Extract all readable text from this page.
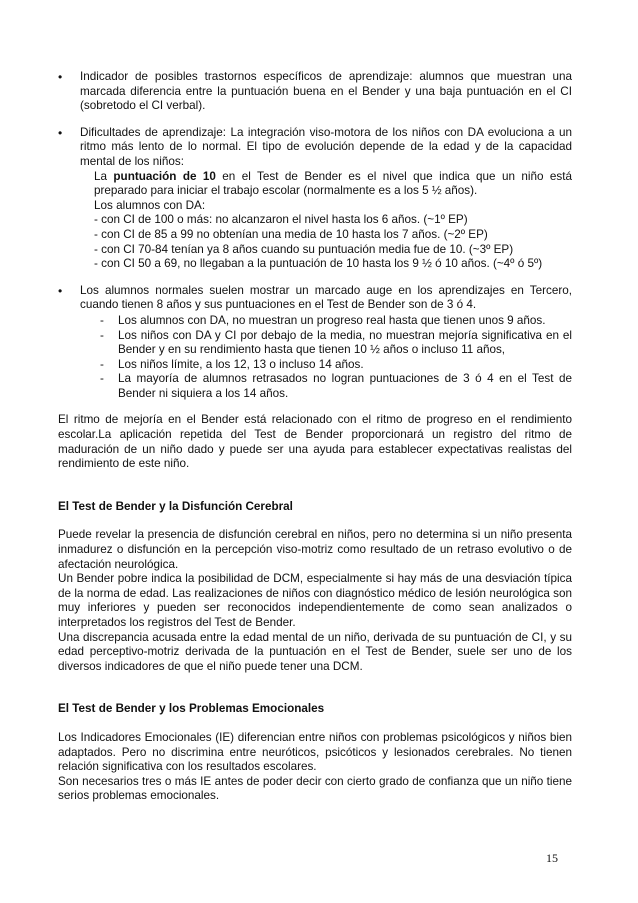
• Indicador de posibles trastornos específicos de aprendizaje: alumnos que muestran una marcada diferencia entre la puntuación buena en el Bender y una baja puntuación en el CI (sobretodo el CI verbal).

• Dificultades de aprendizaje: La integración viso-motora de los niños con DA evoluciona a un ritmo más lento de lo normal. El tipo de evolución depende de la edad y de la capacidad mental de los niños:

La puntuación de 10 en el Test de Bender es el nivel que indica que un niño está preparado para iniciar el trabajo escolar (normalmente es a los 5 ½ años).

Los alumnos con DA:

- con CI de 100 o más: no alcanzaron el nivel hasta los 6 años. (~1º EP)

- con CI de 85 a 99 no obtenían una media de 10 hasta los 7 años. (~2º EP)

- con CI 70-84 tenían ya 8 años cuando su puntuación media fue de 10. (~3º EP)

- con CI 50 a 69, no llegaban a la puntuación de 10 hasta los 9 ½ ó 10 años. (~4º ó 5º)

• Los alumnos normales suelen mostrar un marcado auge en los aprendizajes en Tercero, cuando tienen 8 años y sus puntuaciones en el Test de Bender son de 3 ó 4.

- Los alumnos con DA, no muestran un progreso real hasta que tienen unos 9 años.
- Los niños con DA y CI por debajo de la media, no muestran mejoría significativa en el Bender y en su rendimiento hasta que tienen 10 ½ años o incluso 11 años,
- Los niños límite, a los 12, 13 o incluso 14 años.
- La mayoría de alumnos retrasados no logran puntuaciones de 3 ó 4 en el Test de Bender ni siquiera a los 14 años.

El ritmo de mejoría en el Bender está relacionado con el ritmo de progreso en el rendimiento escolar.La aplicación repetida del Test de Bender proporcionará un registro del ritmo de maduración de un niño dado y puede ser una ayuda para establecer expectativas realistas del rendimiento de este niño.

El Test de Bender y la Disfunción Cerebral

Puede revelar la presencia de disfunción cerebral en niños, pero no determina si un niño presenta inmadurez o disfunción en la percepción viso-motriz como resultado de un retraso evolutivo o de afectación neurológica.

Un Bender pobre indica la posibilidad de DCM, especialmente si hay más de una desviación típica de la norma de edad. Las realizaciones de niños con diagnóstico médico de lesión neurológica son muy inferiores y pueden ser reconocidos independientemente de como sean analizados o interpretados los registros del Test de Bender.

Una discrepancia acusada entre la edad mental de un niño, derivada de su puntuación de CI, y su edad perceptivo-motriz derivada de la puntuación en el Test de Bender, suele ser uno de los diversos indicadores de que el niño puede tener una DCM.

El Test de Bender y los Problemas Emocionales

Los Indicadores Emocionales (IE) diferencian entre niños con problemas psicológicos y niños bien adaptados. Pero no discrimina entre neuróticos, psicóticos y lesionados cerebrales. No tienen relación significativa con los resultados escolares.

Son necesarios tres o más IE antes de poder decir con cierto grado de confianza que un niño tiene serios problemas emocionales.

15
